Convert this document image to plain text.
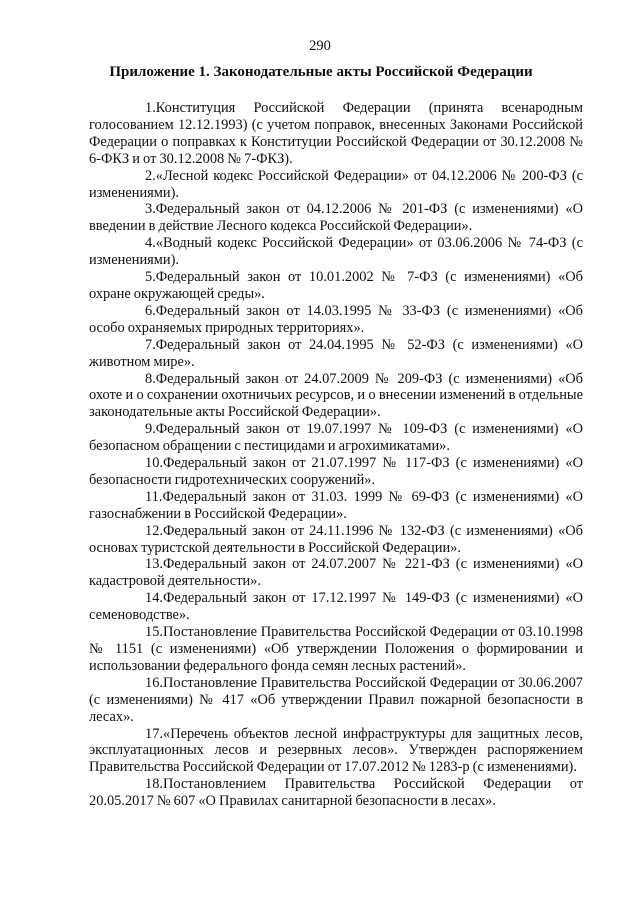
290
Приложение 1. Законодательные акты Российской Федерации
1.Конституция Российской Федерации (принята всенародным голосованием 12.12.1993) (с учетом поправок, внесенных Законами Российской Федерации о поправках к Конституции Российской Федерации от 30.12.2008 № 6-ФКЗ и от 30.12.2008 № 7-ФКЗ).
2.«Лесной кодекс Российской Федерации» от 04.12.2006 № 200-ФЗ (с изменениями).
3.Федеральный закон от 04.12.2006 № 201-ФЗ (с изменениями) «О введении в действие Лесного кодекса Российской Федерации».
4.«Водный кодекс Российской Федерации» от 03.06.2006 № 74-ФЗ (с изменениями).
5.Федеральный закон от 10.01.2002 № 7-ФЗ (с изменениями) «Об охране окружающей среды».
6.Федеральный закон от 14.03.1995 № 33-ФЗ (с изменениями) «Об особо охраняемых природных территориях».
7.Федеральный закон от 24.04.1995 № 52-ФЗ (с изменениями) «О животном мире».
8.Федеральный закон от 24.07.2009 № 209-ФЗ (с изменениями) «Об охоте и о сохранении охотничьих ресурсов, и о внесении изменений в отдельные законодательные акты Российской Федерации».
9.Федеральный закон от 19.07.1997 № 109-ФЗ (с изменениями) «О безопасном обращении с пестицидами и агрохимикатами».
10.Федеральный закон от 21.07.1997 № 117-ФЗ (с изменениями) «О безопасности гидротехнических сооружений».
11.Федеральный закон от 31.03. 1999 № 69-ФЗ (с изменениями) «О газоснабжении в Российской Федерации».
12.Федеральный закон от 24.11.1996 № 132-ФЗ (с изменениями) «Об основах туристской деятельности в Российской Федерации».
13.Федеральный закон от 24.07.2007 № 221-ФЗ (с изменениями) «О кадастровой деятельности».
14.Федеральный закон от 17.12.1997 № 149-ФЗ (с изменениями) «О семеноводстве».
15.Постановление Правительства Российской Федерации от 03.10.1998 № 1151 (с изменениями) «Об утверждении Положения о формировании и использовании федерального фонда семян лесных растений».
16.Постановление Правительства Российской Федерации от 30.06.2007 (с изменениями) № 417 «Об утверждении Правил пожарной безопасности в лесах».
17.«Перечень объектов лесной инфраструктуры для защитных лесов, эксплуатационных лесов и резервных лесов». Утвержден распоряжением Правительства Российской Федерации от 17.07.2012 № 1283-р (с изменениями).
18.Постановлением Правительства Российской Федерации от 20.05.2017 № 607 «О Правилах санитарной безопасности в лесах».
